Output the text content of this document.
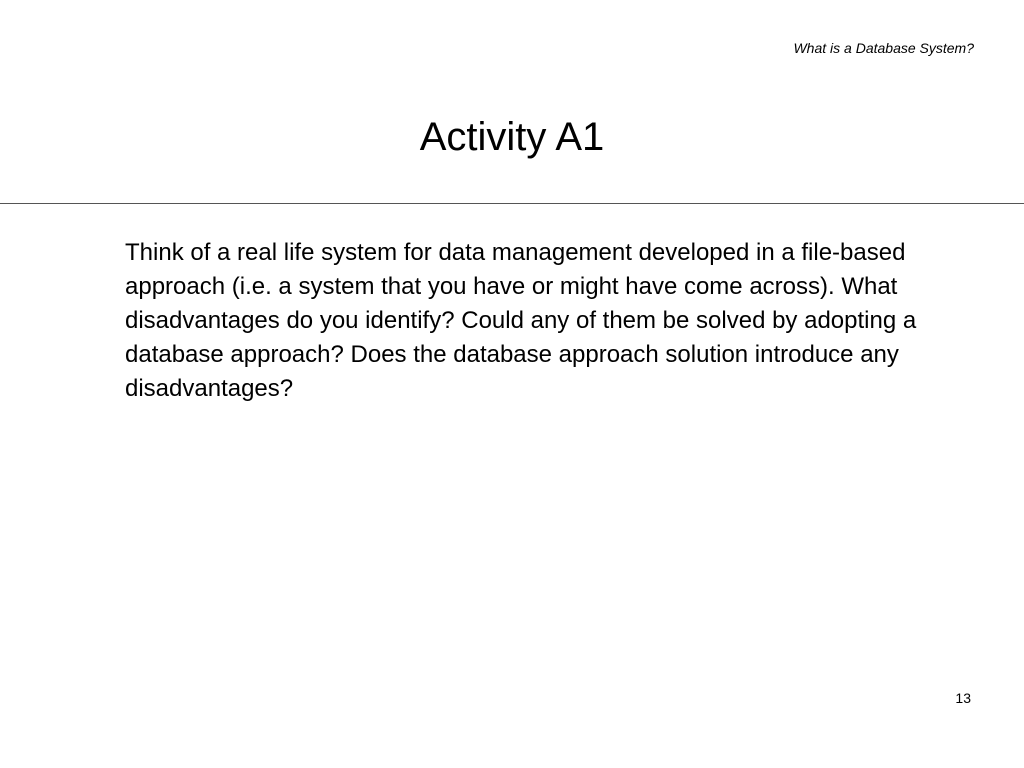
What is a Database System?
Activity A1

Think of a real life system for data management developed in a file-based approach (i.e. a system that you have or might have come across). What disadvantages do you identify? Could any of them be solved by adopting a database approach? Does the database approach solution introduce any disadvantages?

13
